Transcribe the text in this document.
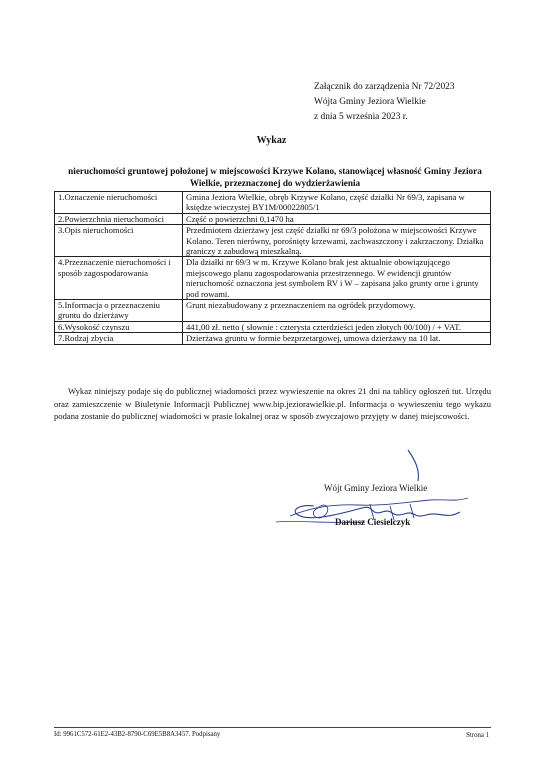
Załącznik do zarządzenia Nr 72/2023
Wójta Gminy Jeziora Wielkie
z dnia 5 września 2023 r.
Wykaz
nieruchomości gruntowej położonej w miejscowości Krzywe Kolano, stanowiącej własność Gminy Jeziora Wielkie, przeznaczonej do wydzierżawienia
1.Oznaczenie nieruchomości	Gmina Jeziora Wielkie, obręb Krzywe Kolano, część działki Nr 69/3, zapisana w księdze wieczystej BY1M/00022805/1
2.Powierzchnia nieruchomości	Część o powierzchni 0,1470 ha
3.Opis nieruchomości	Przedmiotem dzierżawy jest część działki nr 69/3 położona w miejscowości Krzywe Kolano. Teren nierówny, porośnięty krzewami, zachwaszczony i zakrzaczony. Działka graniczy z zabudową mieszkalną.
4.Przeznaczenie nieruchomości i sposób zagospodarowania	Dla działki nr 69/3 w m. Krzywe Kolano brak jest aktualnie obowiązującego miejscowego planu zagospodarowania przestrzennego. W ewidencji gruntów nieruchomość oznaczona jest symbolem RV i W – zapisana jako grunty orne i grunty pod rowami.
5.Informacja o przeznaczeniu gruntu do dzierżawy	Grunt niezabudowany z przeznaczeniem na ogródek przydomowy.
6.Wysokość czynszu	441,00 zł. netto ( słownie : czterysta czterdzieści jeden złotych 00/100) / + VAT.
7.Rodzaj zbycia	Dzierżawa gruntu w formie bezprzetargowej, umowa dzierżawy na 10 lat.

Wykaz niniejszy podaje się do publicznej wiadomości przez wywieszenie na okres 21 dni na tablicy ogłoszeń tut. Urzędu oraz zamieszczenie w Biuletynie Informacji Publicznej www.bip.jeziorawielkie.pl. Informacja o wywieszeniu tego wykazu podana zostanie do publicznej wiadomości w prasie lokalnej oraz w sposób zwyczajowo przyjęty w danej miejscowości.

Wójt Gminy Jeziora Wielkie
Dariusz Ciesielczyk
Id: 9961C572-61E2-43B2-8790-C69E5B8A3457. Podpisany	Strona 1
